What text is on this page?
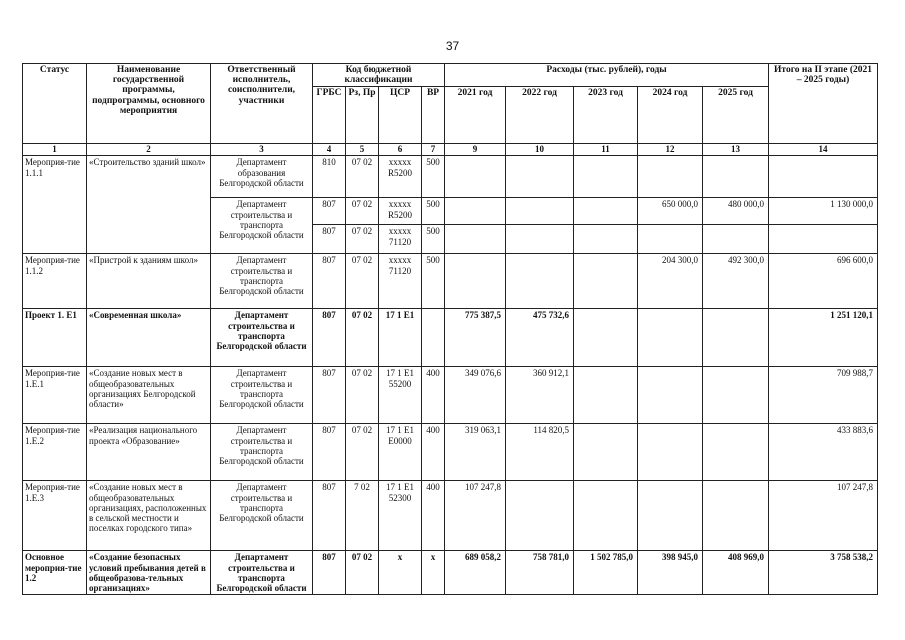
37
Статус	Наименование государственной программы, подпрограммы, основного мероприятия	Ответственный исполнитель, соисполнители, участники	Код бюджетной классификации				Расходы (тыс. рублей), годы					Итого на II этапе (2021 – 2025 годы)
			ГРБС	Рз, Пр	ЦСР	ВР	2021 год	2022 год	2023 год	2024 год	2025 год	
1	2	3	4	5	6	7	9	10	11	12	13	14
Мероприя-тие 1.1.1	«Строительство зданий школ»	Департамент образования Белгородской области	810	07 02	xxxxx R5200	500						
		Департамент строительства и транспорта Белгородской области	807	07 02	xxxxx R5200	500				650 000,0	480 000,0	1 130 000,0
			807	07 02	xxxxx 71120	500						
Мероприя-тие 1.1.2	«Пристрой к зданиям школ»	Департамент строительства и транспорта Белгородской области	807	07 02	xxxxx 71120	500				204 300,0	492 300,0	696 600,0
Проект 1. Е1	«Современная школа»	Департамент строительства и транспорта Белгородской области	807	07 02	17 1 Е1		775 387,5	475 732,6				1 251 120,1
Мероприя-тие 1.Е.1	«Создание новых мест в общеобразовательных организациях Белгородской области»	Департамент строительства и транспорта Белгородской области	807	07 02	17 1 Е1 55200	400	349 076,6	360 912,1				709 988,7
Мероприя-тие 1.Е.2	«Реализация национального проекта «Образование»	Департамент строительства и транспорта Белгородской области	807	07 02	17 1 Е1 Е0000	400	319 063,1	114 820,5				433 883,6
Мероприя-тие 1.Е.3	«Создание новых мест в общеобразовательных организациях, расположенных в сельской местности и поселках городского типа»	Департамент строительства и транспорта Белгородской области	807	7 02	17 1 Е1 52300	400	107 247,8					107 247,8
Основное мероприя-тие 1.2	«Создание безопасных условий пребывания детей в общеобразова-тельных организациях»	Департамент строительства и транспорта Белгородской области	807	07 02	х	х	689 058,2	758 781,0	1 502 785,0	398 945,0	408 969,0	3 758 538,2
